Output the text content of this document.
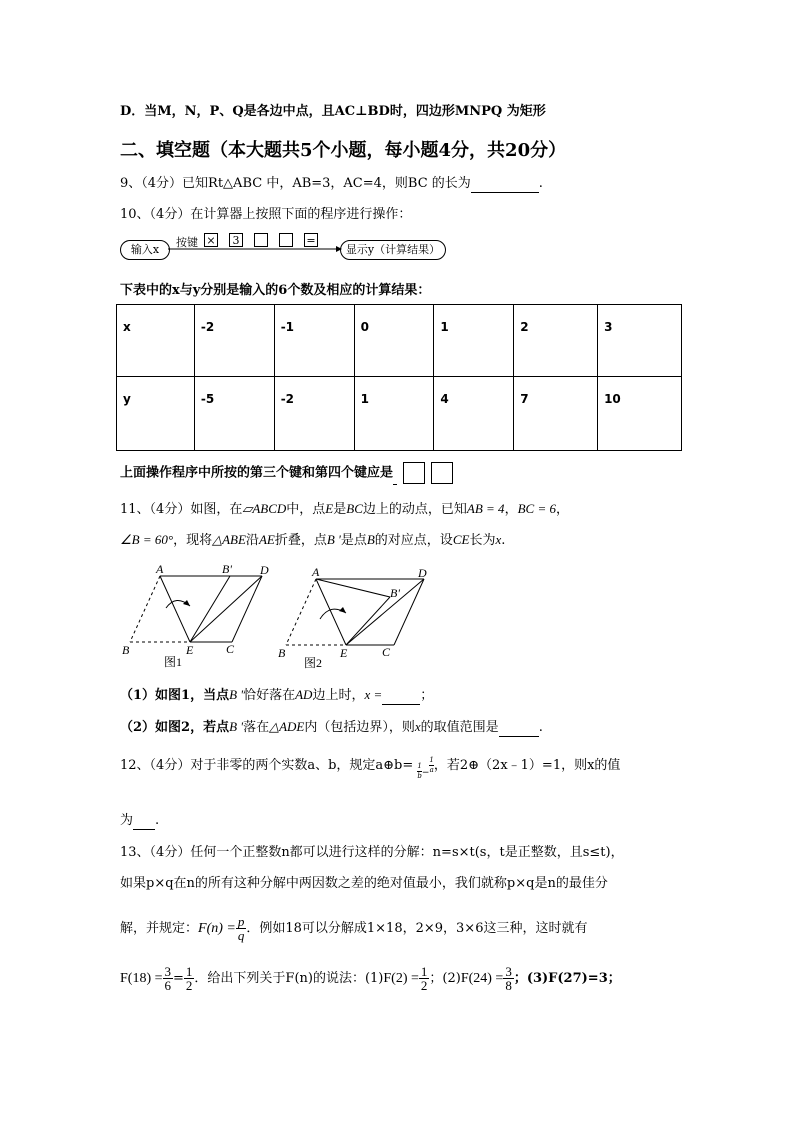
D．当M，N，P、Q是各边中点，且AC⊥BD时，四边形MNPQ 为矩形
二、填空题（本大题共5个小题，每小题4分，共20分）
9、（4分）已知Rt△ABC 中，AB=3，AC=4，则BC 的长为	.
10、（4分）在计算器上按照下面的程序进行操作：
输入x
按键 ×	3	=
显示y（计算结果）
下表中的x与y分别是输入的6个数及相应的计算结果：
x	-2	-1	0	1	2	3
y	-5	-2	1	4	7	10
上面操作程序中所按的第三个键和第四个键应是
11、（4分）如图，在▱ABCD中，点E是BC边上的动点，已知AB = 4，BC = 6，
∠B = 60°，现将△ABE沿AE折叠，点B '是点B的对应点，设CE长为x.
A	B' D
B	E	C
图1
A
B'
D
B	E	C
图2
（1）如图1，当点B '恰好落在AD边上时，x =	；
（2）如图2，若点B '落在△ADE内（包括边界），则x的取值范围是	.
12、（4分）对于非零的两个实数a、b，规定a⊕b= $\frac{1}{b} _- \frac{1}{a}$ ，若2⊕（2x﹣1）=1，则x的值
为 .
13、（4分）任何一个正整数n都可以进行这样的分解：n=s×t(s，t是正整数，且s≤t)，
如果p×q在n的所有这种分解中两因数之差的绝对值最小，我们就称p×q是n的最佳分
解，并规定：$F(n) = \frac{p}{q}$ ．例如18可以分解成1×18，2×9，3×6这三种，这时就有
$F(18) = \frac{3}{6} = \frac{1}{2}$ ．给出下列关于F(n)的说法：$(1)F(2) = \frac{1}{2}$ ；$(2)F(24) = \frac{3}{8}$ ；(3)F(27)=3；
